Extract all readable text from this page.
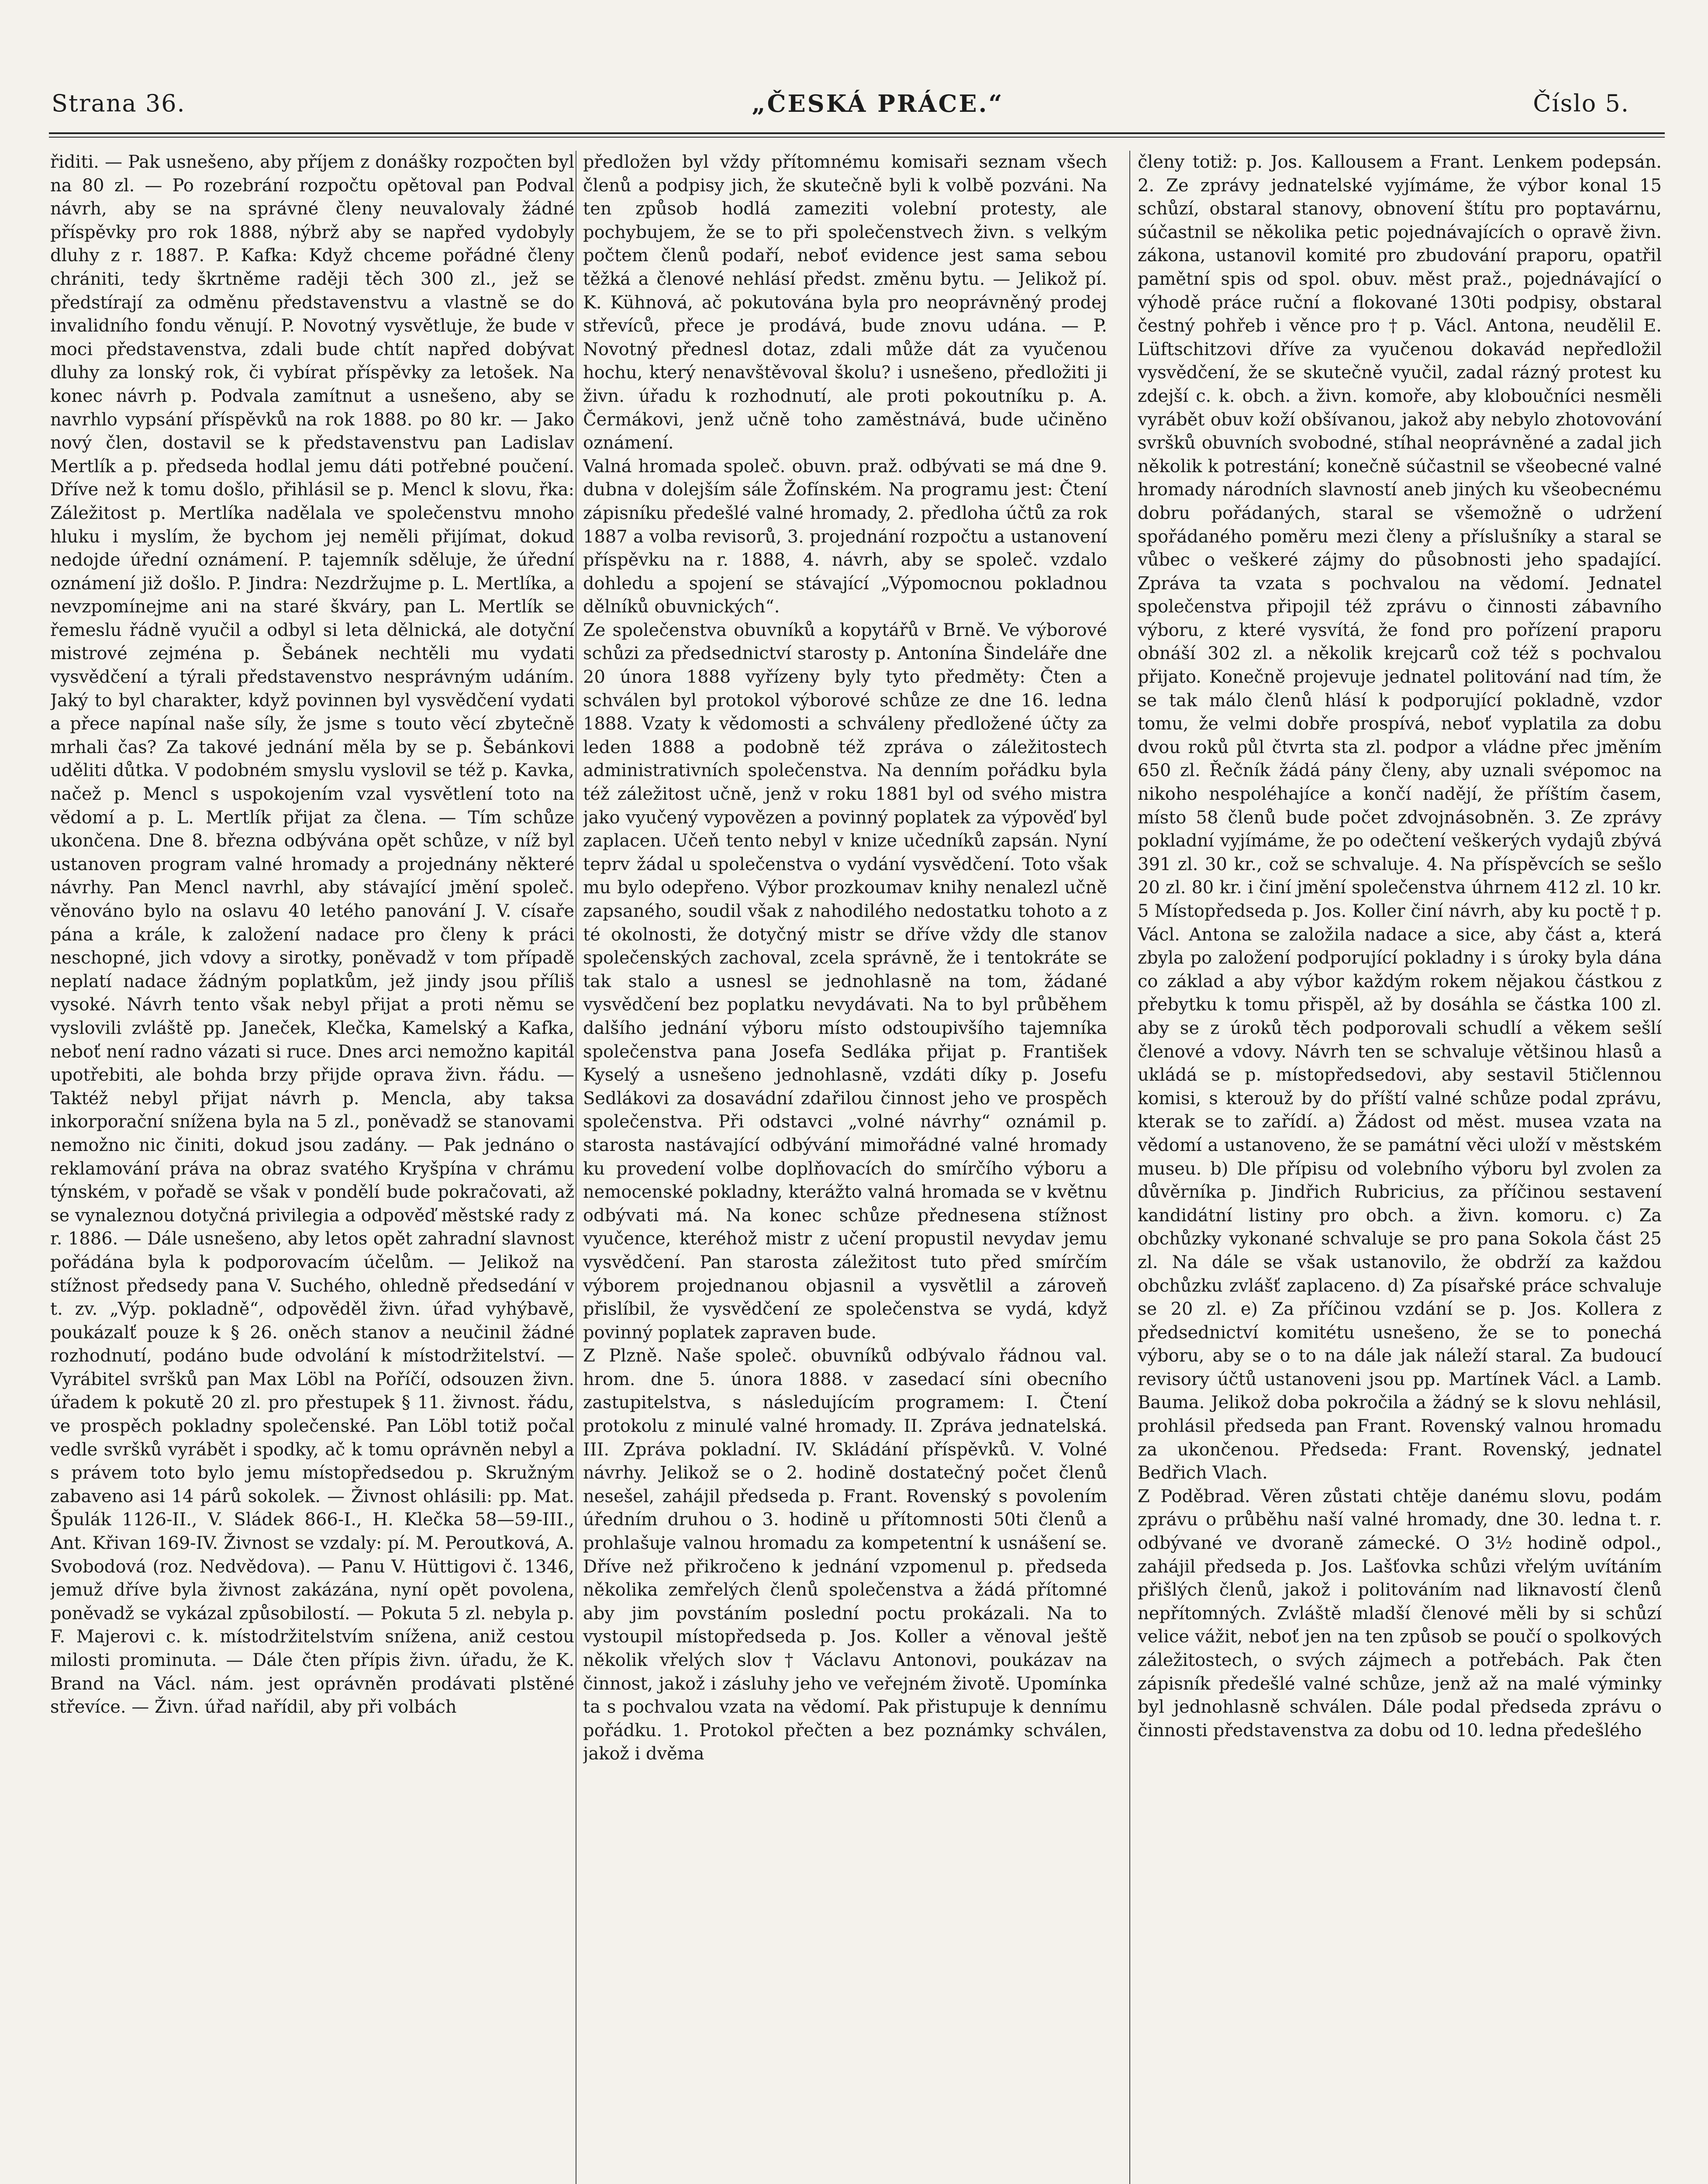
Strana 36.	„ČESKÁ PRÁCE.“	Číslo 5.

řiditi. — Pak usnešeno, aby příjem z donášky rozpočten byl na 80 zl. — Po rozebrání rozpočtu opětoval pan Podval návrh, aby se na správné členy neuvalovaly žádné příspěvky pro rok 1888, nýbrž aby se napřed vydobyly dluhy z r. 1887. P. Kafka: Když chceme pořádné členy chrániti, tedy škrtněme raději těch 300 zl., jež se předstírají za odměnu představenstvu a vlastně se do invalidního fondu věnují. P. Novotný vysvětluje, že bude v moci představenstva, zdali bude chtít napřed dobývat dluhy za lonský rok, či vybírat příspěvky za letošek. Na konec návrh p. Podvala zamítnut a usnešeno, aby se navrhlo vypsání příspěvků na rok 1888. po 80 kr. — Jako nový člen, dostavil se k představenstvu pan Ladislav Mertlík a p. předseda hodlal jemu dáti potřebné poučení. Dříve než k tomu došlo, přihlásil se p. Mencl k slovu, řka: Záležitost p. Mertlíka nadělala ve společenstvu mnoho hluku i myslím, že bychom jej neměli přijímat, dokud nedojde úřední oznámení. P. tajemník sděluje, že úřední oznámení již došlo. P. Jindra: Nezdržujme p. L. Mertlíka, a nevzpomínejme ani na staré škváry, pan L. Mertlík se řemeslu řádně vyučil a odbyl si leta dělnická, ale dotyční mistrové zejména p. Šebánek nechtěli mu vydati vysvědčení a týrali představenstvo nesprávným udáním. Jaký to byl charakter, když povinnen byl vysvědčení vydati a přece napínal naše síly, že jsme s touto věcí zbytečně mrhali čas? Za takové jednání měla by se p. Šebánkovi uděliti důtka. V podobném smyslu vyslovil se též p. Kavka, načež p. Mencl s uspokojením vzal vysvětlení toto na vědomí a p. L. Mertlík přijat za člena. — Tím schůze ukončena. Dne 8. března odbývána opět schůze, v níž byl ustanoven program valné hromady a projednány některé návrhy. Pan Mencl navrhl, aby stávající jmění společ. věnováno bylo na oslavu 40 letého panování J. V. císaře pána a krále, k založení nadace pro členy k práci neschopné, jich vdovy a sirotky, poněvadž v tom případě neplatí nadace žádným poplatkům, jež jindy jsou příliš vysoké. Návrh tento však nebyl přijat a proti němu se vyslovili zvláště pp. Janeček, Klečka, Kamelský a Kafka, neboť není radno vázati si ruce. Dnes arci nemožno kapitál upotřebiti, ale bohda brzy přijde oprava živn. řádu. — Taktéž nebyl přijat návrh p. Mencla, aby taksa inkorporační snížena byla na 5 zl., poněvadž se stanovami nemožno nic činiti, dokud jsou zadány. — Pak jednáno o reklamování práva na obraz svatého Kryšpína v chrámu týnském, v pořadě se však v pondělí bude pokračovati, až se vynaleznou dotyčná privilegia a odpověď městské rady z r. 1886. — Dále usnešeno, aby letos opět zahradní slavnost pořádána byla k podporovacím účelům. — Jelikož na stížnost předsedy pana V. Suchého, ohledně předsedání v t. zv. „Výp. pokladně“, odpověděl živn. úřad vyhýbavě, poukázalť pouze k § 26. oněch stanov a neučinil žádné rozhodnutí, podáno bude odvolání k místodržitelství. — Vyrábitel svršků pan Max Löbl na Poříčí, odsouzen živn. úřadem k pokutě 20 zl. pro přestupek § 11. živnost. řádu, ve prospěch pokladny společenské. Pan Löbl totiž počal vedle svršků vyrábět i spodky, ač k tomu oprávněn nebyl a s právem toto bylo jemu místopředsedou p. Skružným zabaveno asi 14 párů sokolek. — Živnost ohlásili: pp. Mat. Špulák 1126-II., V. Sládek 866-I., H. Klečka 58—59-III., Ant. Křivan 169-IV. Živnost se vzdaly: pí. M. Peroutková, A. Svobodová (roz. Nedvědova). — Panu V. Hüttigovi č. 1346, jemuž dříve byla živnost zakázána, nyní opět povolena, poněvadž se vykázal způsobilostí. — Pokuta 5 zl. nebyla p. F. Majerovi c. k. místodržitelstvím snížena, aniž cestou milosti prominuta. — Dále čten přípis živn. úřadu, že K. Brand na Václ. nám. jest oprávněn prodávati plstěné střevíce. — Živn. úřad nařídil, aby při volbách

předložen byl vždy přítomnému komisaři seznam všech členů a podpisy jich, že skutečně byli k volbě pozváni. Na ten způsob hodlá zameziti volební protesty, ale pochybujem, že se to při společenstvech živn. s velkým počtem členů podaří, neboť evidence jest sama sebou těžká a členové nehlásí předst. změnu bytu. — Jelikož pí. K. Kühnová, ač pokutována byla pro neoprávněný prodej střevíců, přece je prodává, bude znovu udána. — P. Novotný přednesl dotaz, zdali může dát za vyučenou hochu, který nenavštěvoval školu? i usnešeno, předložiti ji živn. úřadu k rozhodnutí, ale proti pokoutníku p. A. Čermákovi, jenž učně toho zaměstnává, bude učiněno oznámení.

Valná hromada společ. obuvn. praž. odbývati se má dne 9. dubna v dolejším sále Žofínském. Na programu jest: Čtení zápisníku předešlé valné hromady, 2. předloha účtů za rok 1887 a volba revisorů, 3. projednání rozpočtu a ustanovení příspěvku na r. 1888, 4. návrh, aby se společ. vzdalo dohledu a spojení se stávající „Výpomocnou pokladnou dělníků obuvnických“.

Ze společenstva obuvníků a kopytářů v Brně. Ve výborové schůzi za předsednictví starosty p. Antonína Šindeláře dne 20 února 1888 vyřízeny byly tyto předměty: Čten a schválen byl protokol výborové schůze ze dne 16. ledna 1888. Vzaty k vědomosti a schváleny předložené účty za leden 1888 a podobně též zpráva o záležitostech administrativních společenstva. Na denním pořádku byla též záležitost učně, jenž v roku 1881 byl od svého mistra jako vyučený vypovězen a povinný poplatek za výpověď byl zaplacen. Učeň tento nebyl v knize učedníků zapsán. Nyní teprv žádal u společenstva o vydání vysvědčení. Toto však mu bylo odepřeno. Výbor prozkoumav knihy nenalezl učně zapsaného, soudil však z nahodilého nedostatku tohoto a z té okolnosti, že dotyčný mistr se dříve vždy dle stanov společenských zachoval, zcela správně, že i tentokráte se tak stalo a usnesl se jednohlasně na tom, žádané vysvědčení bez poplatku nevydávati. Na to byl průběhem dalšího jednání výboru místo odstoupivšího tajemníka společenstva pana Josefa Sedláka přijat p. František Kyselý a usnešeno jednohlasně, vzdáti díky p. Josefu Sedlákovi za dosavádní zdařilou činnost jeho ve prospěch společenstva. Při odstavci „volné návrhy“ oznámil p. starosta nastávající odbývání mimořádné valné hromady ku provedení volbe doplňovacích do smírčího výboru a nemocenské pokladny, kterážto valná hromada se v květnu odbývati má. Na konec schůze přednesena stížnost vyučence, kteréhož mistr z učení propustil nevydav jemu vysvědčení. Pan starosta záležitost tuto před smírčím výborem projednanou objasnil a vysvětlil a zároveň přislíbil, že vysvědčení ze společenstva se vydá, když povinný poplatek zapraven bude.

Z Plzně. Naše společ. obuvníků odbývalo řádnou val. hrom. dne 5. února 1888. v zasedací síni obecního zastupitelstva, s následujícím programem: I. Čtení protokolu z minulé valné hromady. II. Zpráva jednatelská. III. Zpráva pokladní. IV. Skládání příspěvků. V. Volné návrhy. Jelikož se o 2. hodině dostatečný počet členů nesešel, zahájil předseda p. Frant. Rovenský s povolením úředním druhou o 3. hodině u přítomnosti 50ti členů a prohlašuje valnou hromadu za kompetentní k usnášení se. Dříve než přikročeno k jednání vzpomenul p. předseda několika zemřelých členů společenstva a žádá přítomné aby jim povstáním poslední poctu prokázali. Na to vystoupil místopředseda p. Jos. Koller a věnoval ještě několik vřelých slov † Václavu Antonovi, poukázav na činnost, jakož i zásluhy jeho ve veřejném životě. Upomínka ta s pochvalou vzata na vědomí. Pak přistupuje k dennímu pořádku. 1. Protokol přečten a bez poznámky schválen, jakož i dvěma

členy totiž: p. Jos. Kallousem a Frant. Lenkem podepsán. 2. Ze zprávy jednatelské vyjímáme, že výbor konal 15 schůzí, obstaral stanovy, obnovení štítu pro poptavárnu, súčastnil se několika petic pojednávajících o opravě živn. zákona, ustanovil komité pro zbudování praporu, opatřil pamětní spis od spol. obuv. měst praž., pojednávající o výhodě práce ruční a flokované 130ti podpisy, obstaral čestný pohřeb i věnce pro † p. Václ. Antona, neudělil E. Lüftschitzovi dříve za vyučenou dokavád nepředložil vysvědčení, že se skutečně vyučil, zadal rázný protest ku zdejší c. k. obch. a živn. komoře, aby kloboučníci nesměli vyrábět obuv koží obšívanou, jakož aby nebylo zhotovování svršků obuvních svobodné, stíhal neoprávněné a zadal jich několik k potrestání; konečně súčastnil se všeobecné valné hromady národních slavností aneb jiných ku všeobecnému dobru pořádaných, staral se všemožně o udržení spořádaného poměru mezi členy a příslušníky a staral se vůbec o veškeré zájmy do působnosti jeho spadající. Zpráva ta vzata s pochvalou na vědomí. Jednatel společenstva připojil též zprávu o činnosti zábavního výboru, z které vysvítá, že fond pro pořízení praporu obnáší 302 zl. a několik krejcarů což též s pochvalou přijato. Konečně projevuje jednatel politování nad tím, že se tak málo členů hlásí k podporující pokladně, vzdor tomu, že velmi dobře prospívá, neboť vyplatila za dobu dvou roků půl čtvrta sta zl. podpor a vládne přec jměním 650 zl. Řečník žádá pány členy, aby uznali svépomoc na nikoho nespoléhajíce a končí nadějí, že příštím časem, místo 58 členů bude počet zdvojnásobněn. 3. Ze zprávy pokladní vyjímáme, že po odečtení veškerých vydajů zbývá 391 zl. 30 kr., což se schvaluje. 4. Na příspěvcích se sešlo 20 zl. 80 kr. i činí jmění společenstva úhrnem 412 zl. 10 kr. 5 Místopředseda p. Jos. Koller činí návrh, aby ku poctě † p. Václ. Antona se založila nadace a sice, aby část a, která zbyla po založení podporující pokladny i s úroky byla dána co základ a aby výbor každým rokem nějakou částkou z přebytku k tomu přispěl, až by dosáhla se částka 100 zl. aby se z úroků těch podporovali schudlí a věkem sešlí členové a vdovy. Návrh ten se schvaluje většinou hlasů a ukládá se p. místopředsedovi, aby sestavil 5tičlennou komisi, s kterouž by do příští valné schůze podal zprávu, kterak se to zařídí. a) Žádost od měst. musea vzata na vědomí a ustanoveno, že se památní věci uloží v městském museu. b) Dle přípisu od volebního výboru byl zvolen za důvěrníka p. Jindřich Rubricius, za příčinou sestavení kandidátní listiny pro obch. a živn. komoru. c) Za obchůzky vykonané schvaluje se pro pana Sokola část 25 zl. Na dále se však ustanovilo, že obdrží za každou obchůzku zvlášť zaplaceno. d) Za písařské práce schvaluje se 20 zl. e) Za příčinou vzdání se p. Jos. Kollera z předsednictví komitétu usnešeno, že se to ponechá výboru, aby se o to na dále jak náleží staral. Za budoucí revisory účtů ustanoveni jsou pp. Martínek Václ. a Lamb. Bauma. Jelikož doba pokročila a žádný se k slovu nehlásil, prohlásil předseda pan Frant. Rovenský valnou hromadu za ukončenou. Předseda: Frant. Rovenský, jednatel Bedřich Vlach.

Z Poděbrad. Věren zůstati chtěje danému slovu, podám zprávu o průběhu naší valné hromady, dne 30. ledna t. r. odbývané ve dvoraně zámecké. O 3½ hodině odpol., zahájil předseda p. Jos. Lašťovka schůzi vřelým uvítáním přišlých členů, jakož i politováním nad liknavostí členů nepřítomných. Zvláště mladší členové měli by si schůzí velice vážit, neboť jen na ten způsob se poučí o spolkových záležitostech, o svých zájmech a potřebách. Pak čten zápisník předešlé valné schůze, jenž až na malé výminky byl jednohlasně schválen. Dále podal předseda zprávu o činnosti představenstva za dobu od 10. ledna předešlého
